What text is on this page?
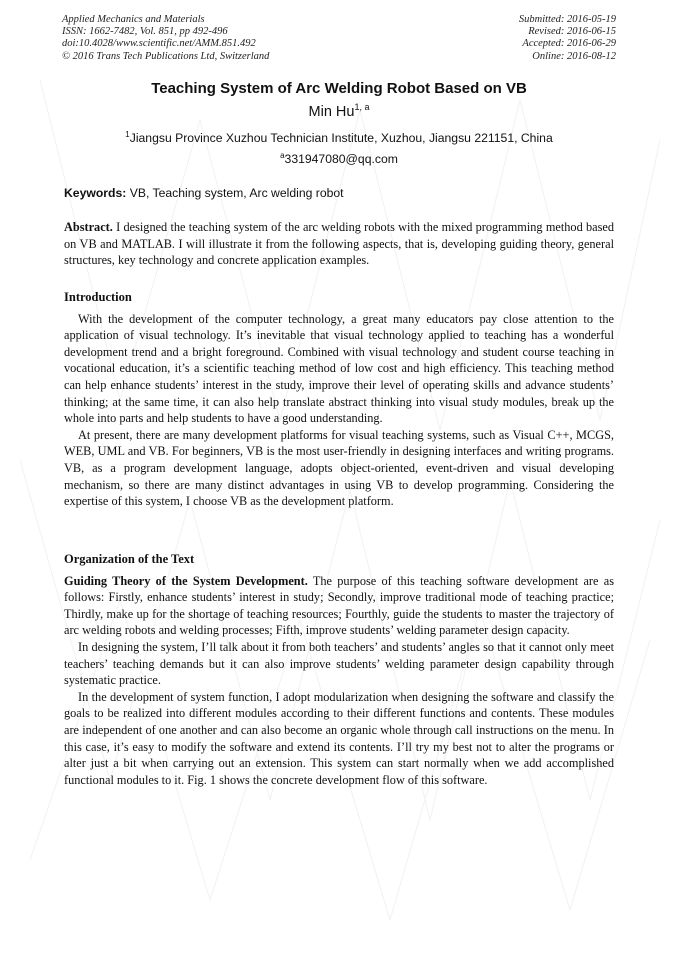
Applied Mechanics and Materials
ISSN: 1662-7482, Vol. 851, pp 492-496
doi:10.4028/www.scientific.net/AMM.851.492
© 2016 Trans Tech Publications Ltd, Switzerland
Submitted: 2016-05-19
Revised: 2016-06-15
Accepted: 2016-06-29
Online: 2016-08-12
Teaching System of Arc Welding Robot Based on VB
Min Hu$^{1, a}$
$^1$Jiangsu Province Xuzhou Technician Institute, Xuzhou, Jiangsu 221151, China
$^a$331947080@qq.com
Keywords: VB, Teaching system, Arc welding robot

Abstract. I designed the teaching system of the arc welding robots with the mixed programming method based on VB and MATLAB. I will illustrate it from the following aspects, that is, developing guiding theory, general structures, key technology and concrete application examples.

Introduction

With the development of the computer technology, a great many educators pay close attention to the application of visual technology. It’s inevitable that visual technology applied to teaching has a wonderful development trend and a bright foreground. Combined with visual technology and student course teaching in vocational education, it’s a scientific teaching method of low cost and high efficiency. This teaching method can help enhance students’ interest in the study, improve their level of operating skills and advance students’ thinking; at the same time, it can also help translate abstract thinking into visual study modules, break up the whole into parts and help students to have a good understanding.

At present, there are many development platforms for visual teaching systems, such as Visual C++, MCGS, WEB, UML and VB. For beginners, VB is the most user-friendly in designing interfaces and writing programs. VB, as a program development language, adopts object-oriented, event-driven and visual developing mechanism, so there are many distinct advantages in using VB to develop programming. Considering the expertise of this system, I choose VB as the development platform.

Organization of the Text

Guiding Theory of the System Development. The purpose of this teaching software development are as follows: Firstly, enhance students’ interest in study; Secondly, improve traditional mode of teaching practice; Thirdly, make up for the shortage of teaching resources; Fourthly, guide the students to master the trajectory of arc welding robots and welding processes; Fifth, improve students’ welding parameter design capacity.

In designing the system, I’ll talk about it from both teachers’ and students’ angles so that it cannot only meet teachers’ teaching demands but it can also improve students’ welding parameter design capability through systematic practice.

In the development of system function, I adopt modularization when designing the software and classify the goals to be realized into different modules according to their different functions and contents. These modules are independent of one another and can also become an organic whole through call instructions on the menu. In this case, it’s easy to modify the software and extend its contents. I’ll try my best not to alter the programs or alter just a bit when carrying out an extension. This system can start normally when we add accomplished functional modules to it. Fig. 1 shows the concrete development flow of this software.
